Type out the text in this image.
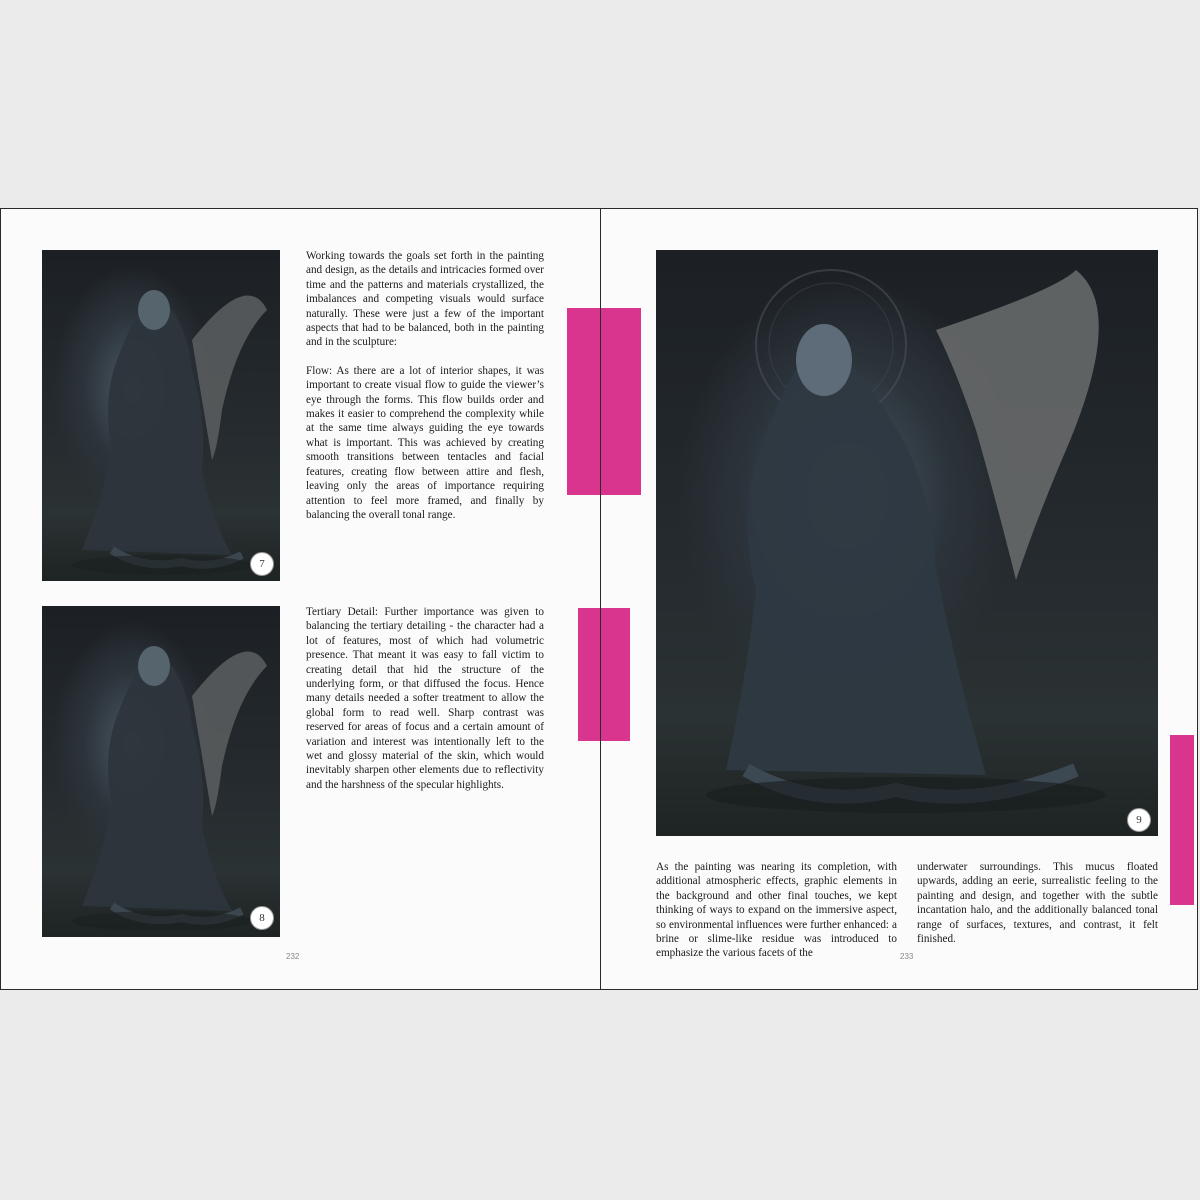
7
8

Working towards the goals set forth in the painting and design, as the details and intricacies formed over time and the patterns and materials crystallized, the imbalances and competing visuals would surface naturally. These were just a few of the important aspects that had to be balanced, both in the painting and in the sculpture:

Flow: As there are a lot of interior shapes, it was important to create visual flow to guide the viewer’s eye through the forms. This flow builds order and makes it easier to comprehend the complexity while at the same time always guiding the eye towards what is important. This was achieved by creating smooth transitions between tentacles and facial features, creating flow between attire and flesh, leaving only the areas of importance requiring attention to feel more framed, and finally by balancing the overall tonal range.

Tertiary Detail: Further importance was given to balancing the tertiary detailing - the character had a lot of features, most of which had volumetric presence. That meant it was easy to fall victim to creating detail that hid the structure of the underlying form, or that diffused the focus. Hence many details needed a softer treatment to allow the global form to read well. Sharp contrast was reserved for areas of focus and a certain amount of variation and interest was intentionally left to the wet and glossy material of the skin, which would inevitably sharpen other elements due to reflectivity and the harshness of the specular highlights.

232
9

As the painting was nearing its completion, with additional atmospheric effects, graphic elements in the background and other final touches, we kept thinking of ways to expand on the immersive aspect, so environmental influences were further enhanced: a brine or slime-like residue was introduced to emphasize the various facets of the

underwater surroundings. This mucus floated upwards, adding an eerie, surrealistic feeling to the painting and design, and together with the subtle incantation halo, and the additionally balanced tonal range of surfaces, textures, and contrast, it felt finished.

233
